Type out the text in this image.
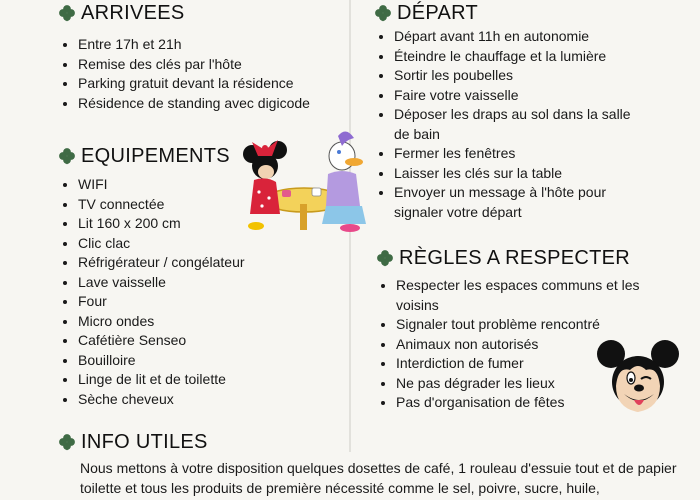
ARRIVEES
Entre 17h et 21h
Remise des clés par l'hôte
Parking gratuit devant la résidence
Résidence de standing avec digicode
EQUIPEMENTS
WIFI
TV connectée
Lit 160 x 200 cm
Clic clac
Réfrigérateur / congélateur
Lave vaisselle
Four
Micro ondes
Cafétière Senseo
Bouilloire
Linge de lit et de toilette
Sèche cheveux
DÉPART
Départ avant 11h en autonomie
Éteindre le chauffage et la lumière
Sortir les poubelles
Faire votre vaisselle
Déposer les draps au sol dans la salle de bain
Fermer les fenêtres
Laisser les clés sur la table
Envoyer un message à l'hôte pour signaler votre départ
RÈGLES A RESPECTER
Respecter les espaces communs et les voisins
Signaler tout problème rencontré
Animaux non autorisés
Interdiction de fumer
Ne pas dégrader les lieux
Pas d'organisation de fêtes
INFO UTILES
Nous mettons à votre disposition quelques dosettes de café, 1 rouleau d'essuie tout et de papier toilette et tous les produits de première nécessité comme le sel, poivre, sucre, huile,
